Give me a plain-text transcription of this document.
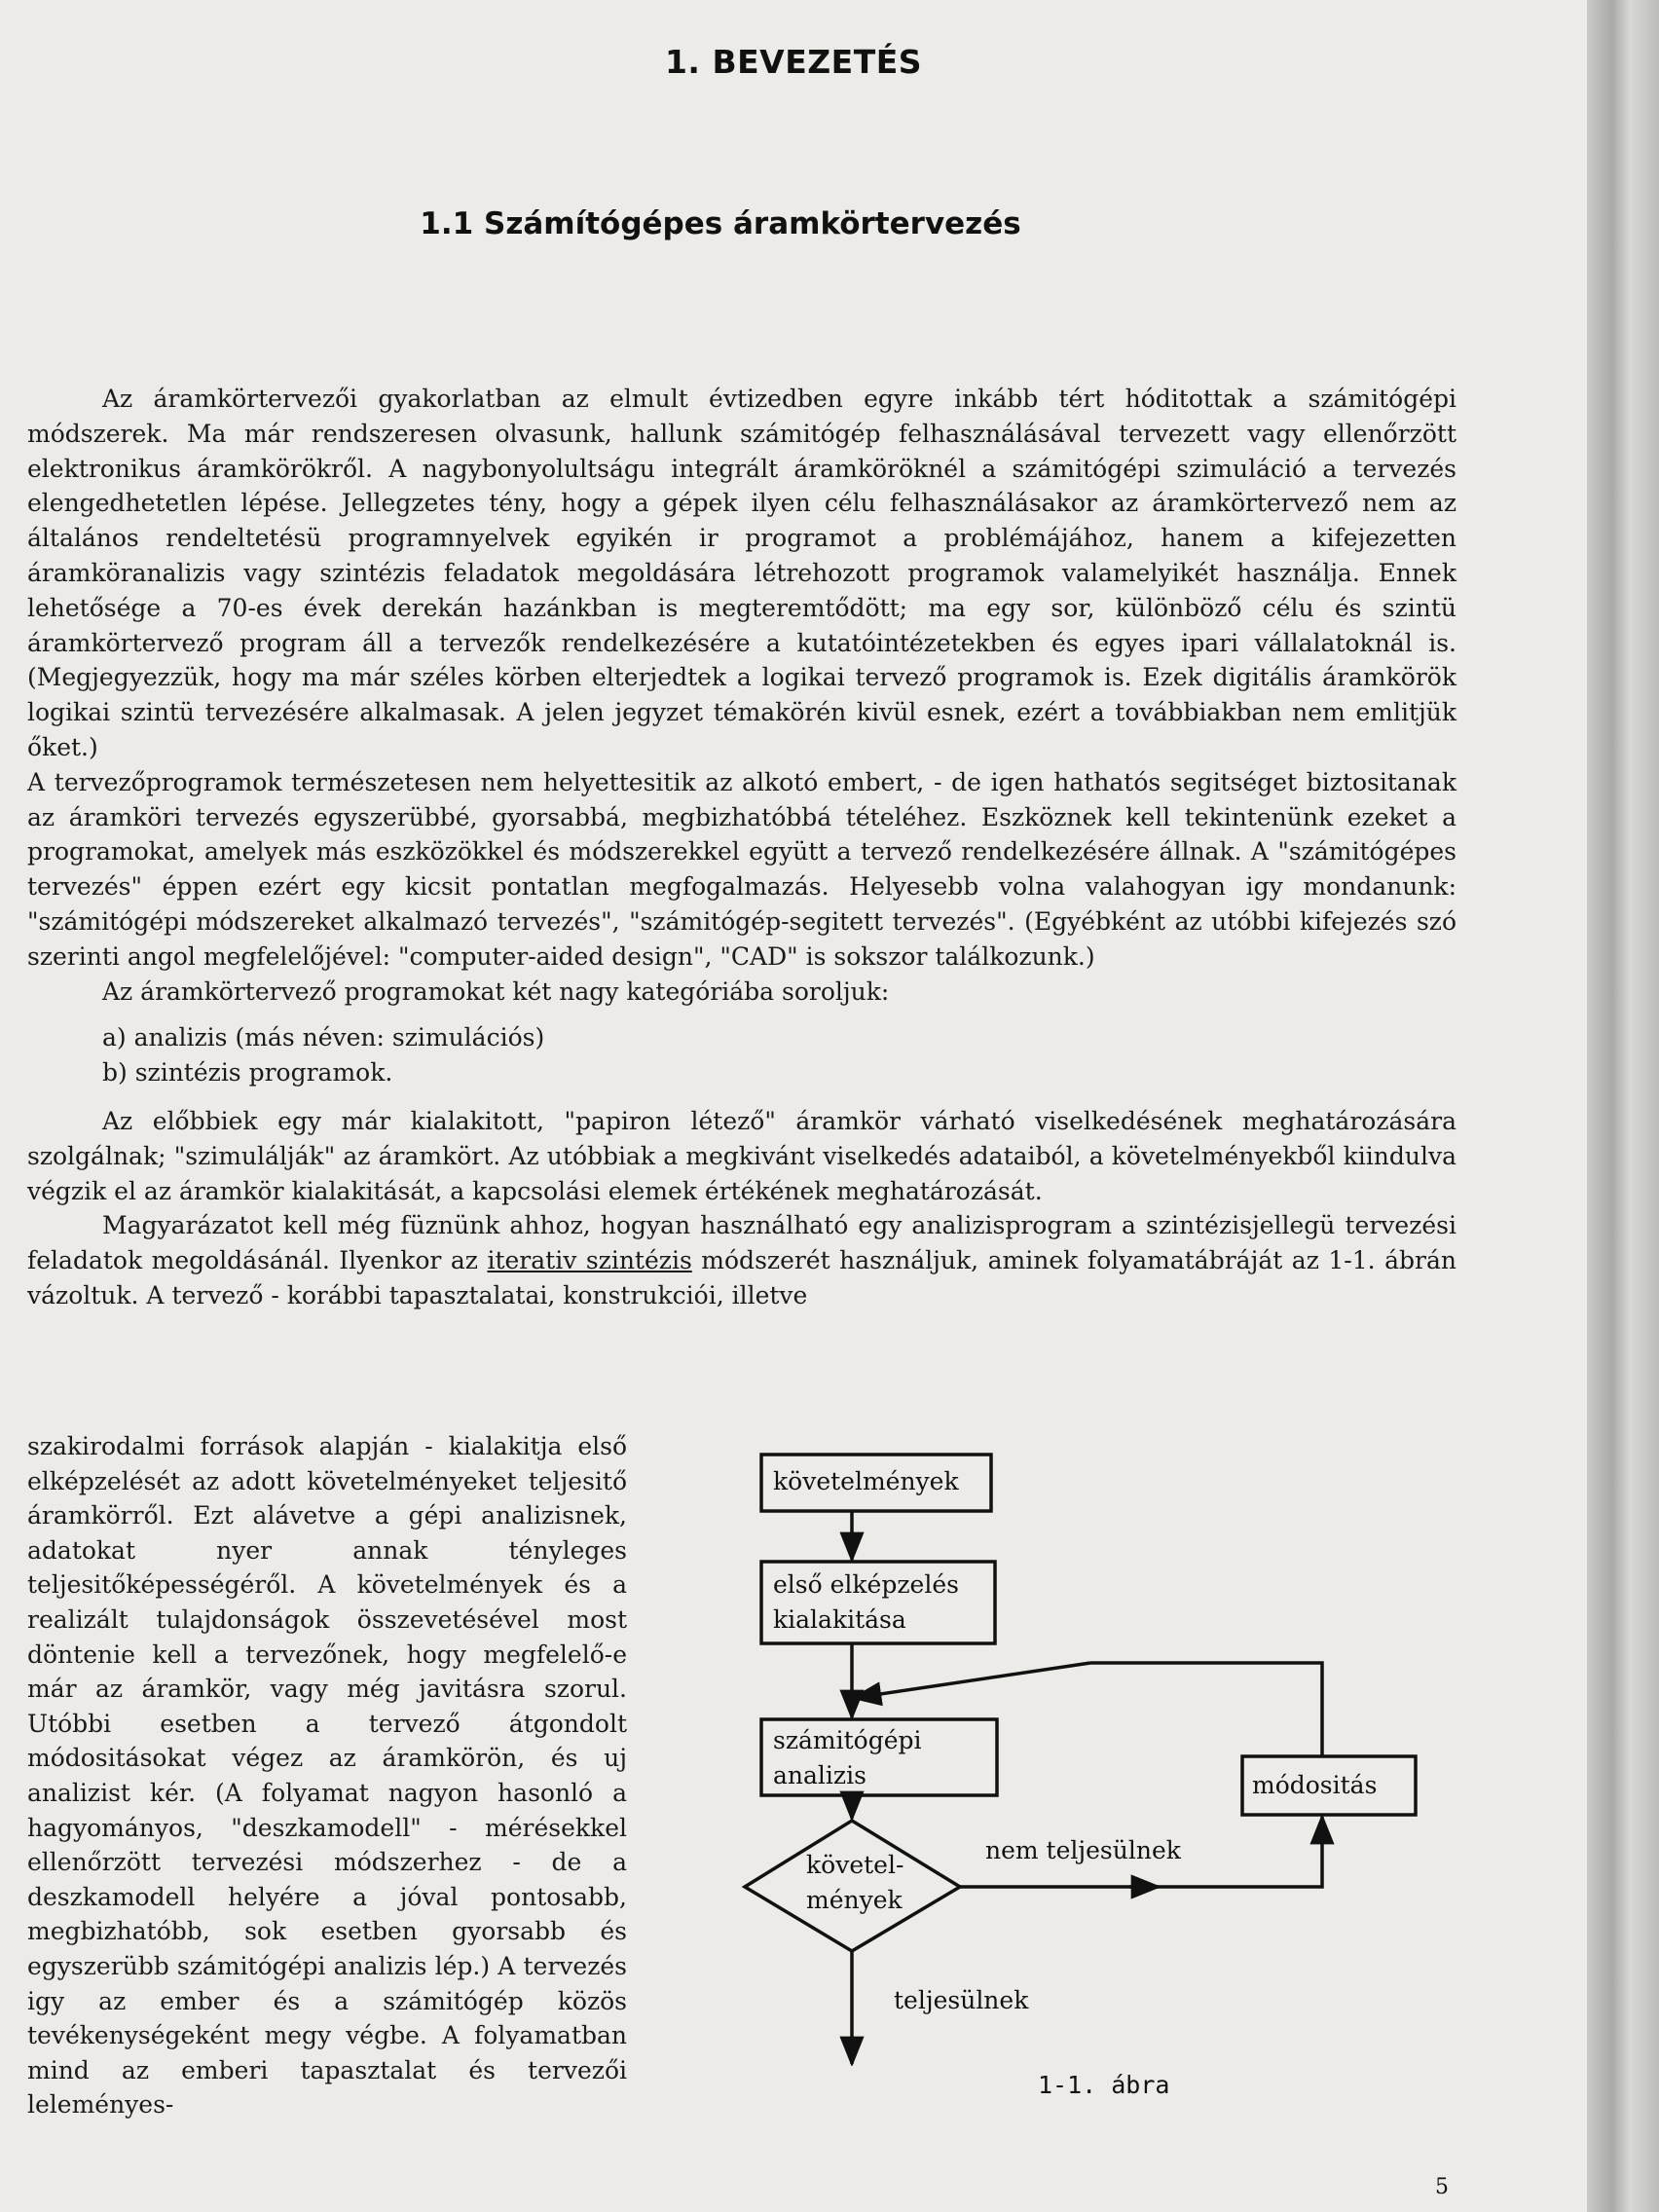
1. BEVEZETÉS
1.1 Számítógépes áramkörtervezés

Az áramkörtervezői gyakorlatban az elmult évtizedben egyre inkább tért hóditottak a számitógépi módszerek. Ma már rendszeresen olvasunk, hallunk számitógép felhasználásával tervezett vagy ellenőrzött elektronikus áramkörökről. A nagybonyolultságu integrált áramköröknél a számitógépi szimuláció a tervezés elengedhetetlen lépése. Jellegzetes tény, hogy a gépek ilyen célu felhasználásakor az áramkörtervező nem az általános rendeltetésü programnyelvek egyikén ir programot a problémájához, hanem a kifejezetten áramköranalizis vagy szintézis feladatok megoldására létrehozott programok valamelyikét használja. Ennek lehetősége a 70-es évek derekán hazánkban is megteremtődött; ma egy sor, különböző célu és szintü áramkörtervező program áll a tervezők rendelkezésére a kutatóintézetekben és egyes ipari vállalatoknál is. (Megjegyezzük, hogy ma már széles körben elterjedtek a logikai tervező programok is. Ezek digitális áramkörök logikai szintü tervezésére alkalmasak. A jelen jegyzet témakörén kivül esnek, ezért a továbbiakban nem emlitjük őket.)

A tervezőprogramok természetesen nem helyettesitik az alkotó embert, - de igen hathatós segitséget biztositanak az áramköri tervezés egyszerübbé, gyorsabbá, megbizhatóbbá tételéhez. Eszköznek kell tekintenünk ezeket a programokat, amelyek más eszközökkel és módszerekkel együtt a tervező rendelkezésére állnak. A "számitógépes tervezés" éppen ezért egy kicsit pontatlan megfogalmazás. Helyesebb volna valahogyan igy mondanunk: "számitógépi módszereket alkalmazó tervezés", "számitógép-segitett tervezés". (Egyébként az utóbbi kifejezés szó szerinti angol megfelelőjével: "computer-aided design", "CAD" is sokszor találkozunk.)

Az áramkörtervező programokat két nagy kategóriába soroljuk:

a) analizis (más néven: szimulációs)
b) szintézis programok.

Az előbbiek egy már kialakitott, "papiron létező" áramkör várható viselkedésének meghatározására szolgálnak; "szimulálják" az áramkört. Az utóbbiak a megkivánt viselkedés adataiból, a követelményekből kiindulva végzik el az áramkör kialakitását, a kapcsolási elemek értékének meghatározását.

Magyarázatot kell még füznünk ahhoz, hogyan használható egy analizisprogram a szintézisjellegü tervezési feladatok megoldásánál. Ilyenkor az iterativ szintézis módszerét használjuk, aminek folyamatábráját az 1-1. ábrán vázoltuk. A tervező - korábbi tapasztalatai, konstrukciói, illetve

szakirodalmi források alapján - kialakitja első elképzelését az adott követelményeket teljesitő áramkörről. Ezt alávetve a gépi analizisnek, adatokat nyer annak tényleges teljesitőképességéről. A követelmények és a realizált tulajdonságok összevetésével most döntenie kell a tervezőnek, hogy megfelelő-e már az áramkör, vagy még javitásra szorul. Utóbbi esetben a tervező átgondolt módositásokat végez az áramkörön, és uj analizist kér. (A folyamat nagyon hasonló a hagyományos, "deszkamodell" - mérésekkel ellenőrzött tervezési módszerhez - de a deszkamodell helyére a jóval pontosabb, megbizhatóbb, sok esetben gyorsabb és egyszerübb számitógépi analizis lép.) A tervezés igy az ember és a számitógép közös tevékenységeként megy végbe. A folyamatban mind az emberi tapasztalat és tervezői leleményes-
követelmények
első elképzelés
kialakitása
számitógépi
analizis	módositás
követel-
mények
nem teljesülnek
teljesülnek
1-1. ábra
5
